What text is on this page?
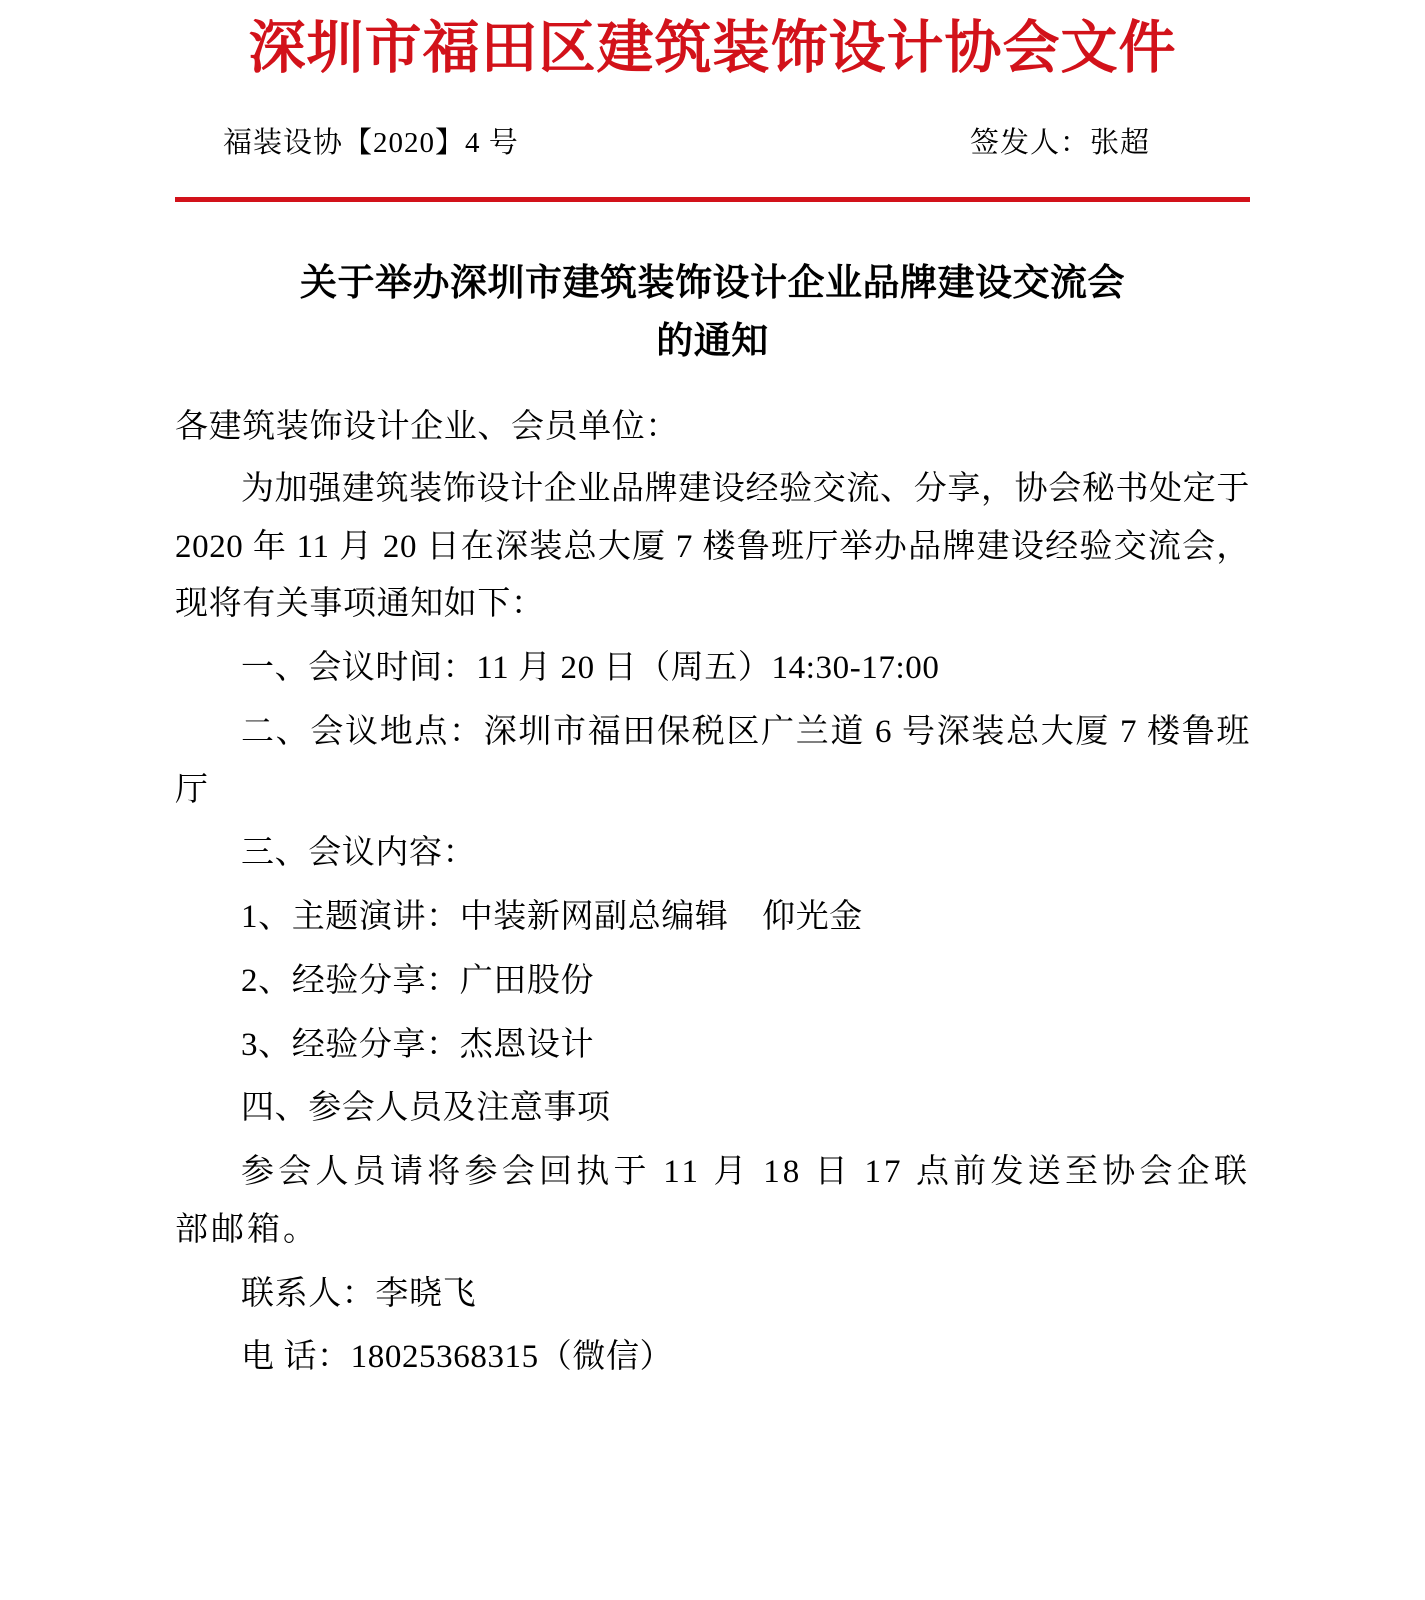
深圳市福田区建筑装饰设计协会文件
福装设协【2020】4 号	签发人：张超
关于举办深圳市建筑装饰设计企业品牌建设交流会
的通知

各建筑装饰设计企业、会员单位：

为加强建筑装饰设计企业品牌建设经验交流、分享，协会秘书处定于 2020 年 11 月 20 日在深装总大厦 7 楼鲁班厅举办品牌建设经验交流会，现将有关事项通知如下：

一、会议时间：11 月 20 日（周五）14:30-17:00

二、会议地点：深圳市福田保税区广兰道 6 号深装总大厦 7 楼鲁班厅

三、会议内容：

1、主题演讲：中装新网副总编辑　仰光金

2、经验分享：广田股份

3、经验分享：杰恩设计

四、参会人员及注意事项

参会人员请将参会回执于 11 月 18 日 17 点前发送至协会企联部邮箱。

联系人：李晓飞

电 话：18025368315（微信）
